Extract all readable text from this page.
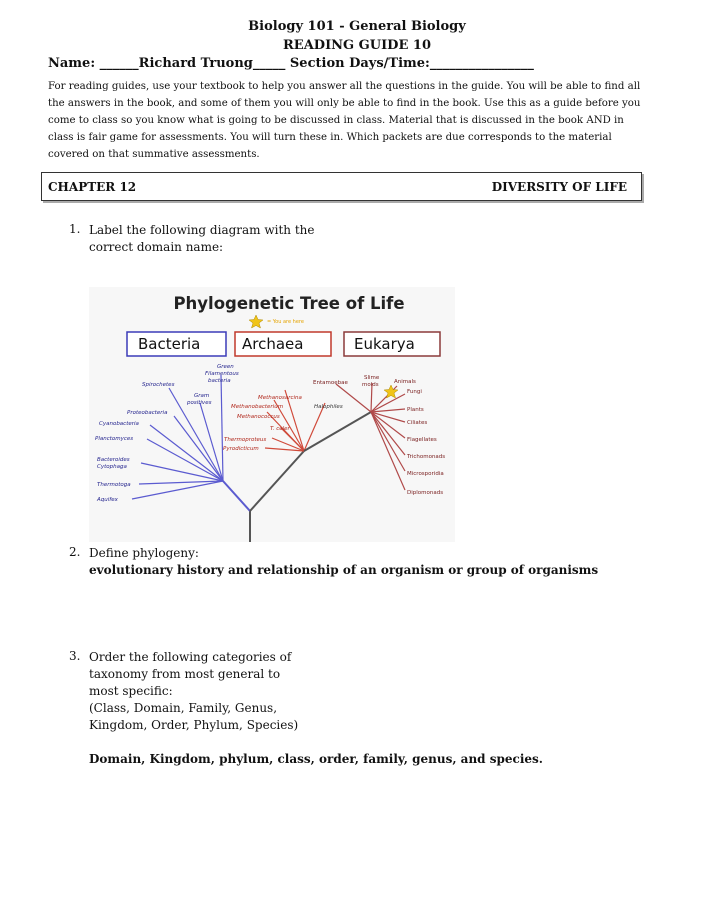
Biology 101 - General Biology
READING GUIDE 10
Name: ______Richard Truong_____ Section Days/Time:________________
For reading guides, use your textbook to help you answer all the questions in the guide. You will be able to find all the answers in the book, and some of them you will only be able to find in the book. Use this as a guide before you come to class so you know what is going to be discussed in class. Material that is discussed in the book AND in class is fair game for assessments. You will turn these in. Which packets are due corresponds to the material covered on that summative assessments.
CHAPTER 12	DIVERSITY OF LIFE
1. Label the following diagram with the
correct domain name:
Phylogenetic Tree of Life
= You are here
Bacteria	Archaea	Eukarya
Green
Filamentous
bacteria
Spirochetes
Gram
positives
Proteobacteria
Cyanobacteria
Planctomyces
Bacteroides
Cytophaga
Thermotoga
Aquifex
Methanosarcina
Methanobacterium	Halophiles
Methanococcus
T. celer
Thermoproteus
Pyrodicticum
Entamoebae
Slime
molds	Animals
Fungi
Plants
Ciliates
Flagellates
Trichomonads
Microsporidia
Diplomonads
2. Define phylogeny:
evolutionary history and relationship of an organism or group of organisms
3. Order the following categories of
taxonomy from most general to
most specific:
(Class, Domain, Family, Genus,
Kingdom, Order, Phylum, Species)
Domain, Kingdom, phylum, class, order, family, genus, and species.
